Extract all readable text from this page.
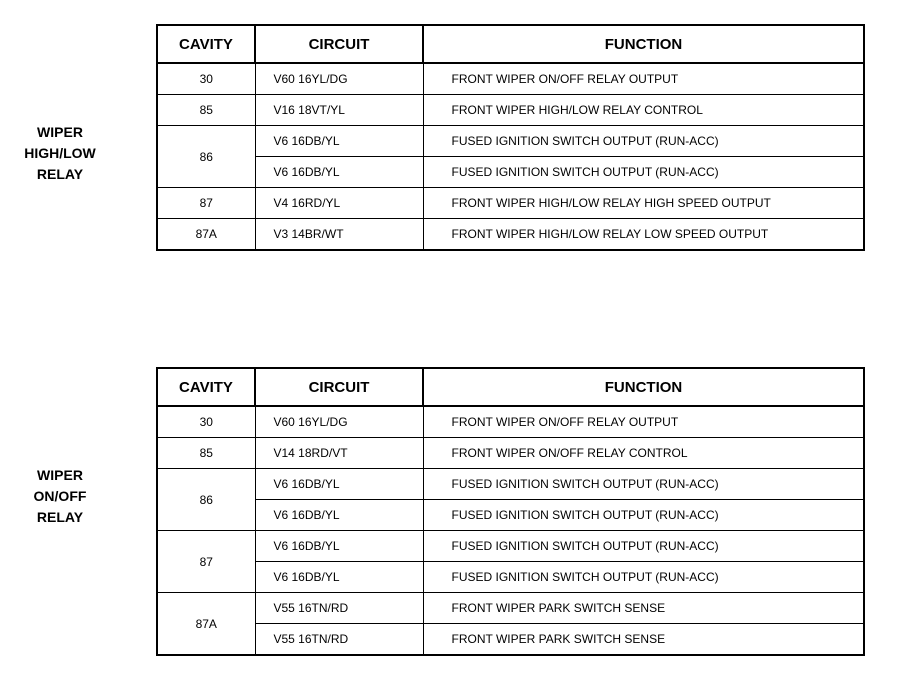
WIPER
HIGH/LOW
RELAY
CAVITY	CIRCUIT	FUNCTION
30	V60 16YL/DG	FRONT WIPER ON/OFF RELAY OUTPUT
85	V16 18VT/YL	FRONT WIPER HIGH/LOW RELAY CONTROL
86	V6 16DB/YL	FUSED IGNITION SWITCH OUTPUT (RUN-ACC)
	V6 16DB/YL	FUSED IGNITION SWITCH OUTPUT (RUN-ACC)
87	V4 16RD/YL	FRONT WIPER HIGH/LOW RELAY HIGH SPEED OUTPUT
87A	V3 14BR/WT	FRONT WIPER HIGH/LOW RELAY LOW SPEED OUTPUT
WIPER
ON/OFF
RELAY
CAVITY	CIRCUIT	FUNCTION
30	V60 16YL/DG	FRONT WIPER ON/OFF RELAY OUTPUT
85	V14 18RD/VT	FRONT WIPER ON/OFF RELAY CONTROL
86	V6 16DB/YL	FUSED IGNITION SWITCH OUTPUT (RUN-ACC)
	V6 16DB/YL	FUSED IGNITION SWITCH OUTPUT (RUN-ACC)
87	V6 16DB/YL	FUSED IGNITION SWITCH OUTPUT (RUN-ACC)
	V6 16DB/YL	FUSED IGNITION SWITCH OUTPUT (RUN-ACC)
87A	V55 16TN/RD	FRONT WIPER PARK SWITCH SENSE
	V55 16TN/RD	FRONT WIPER PARK SWITCH SENSE
